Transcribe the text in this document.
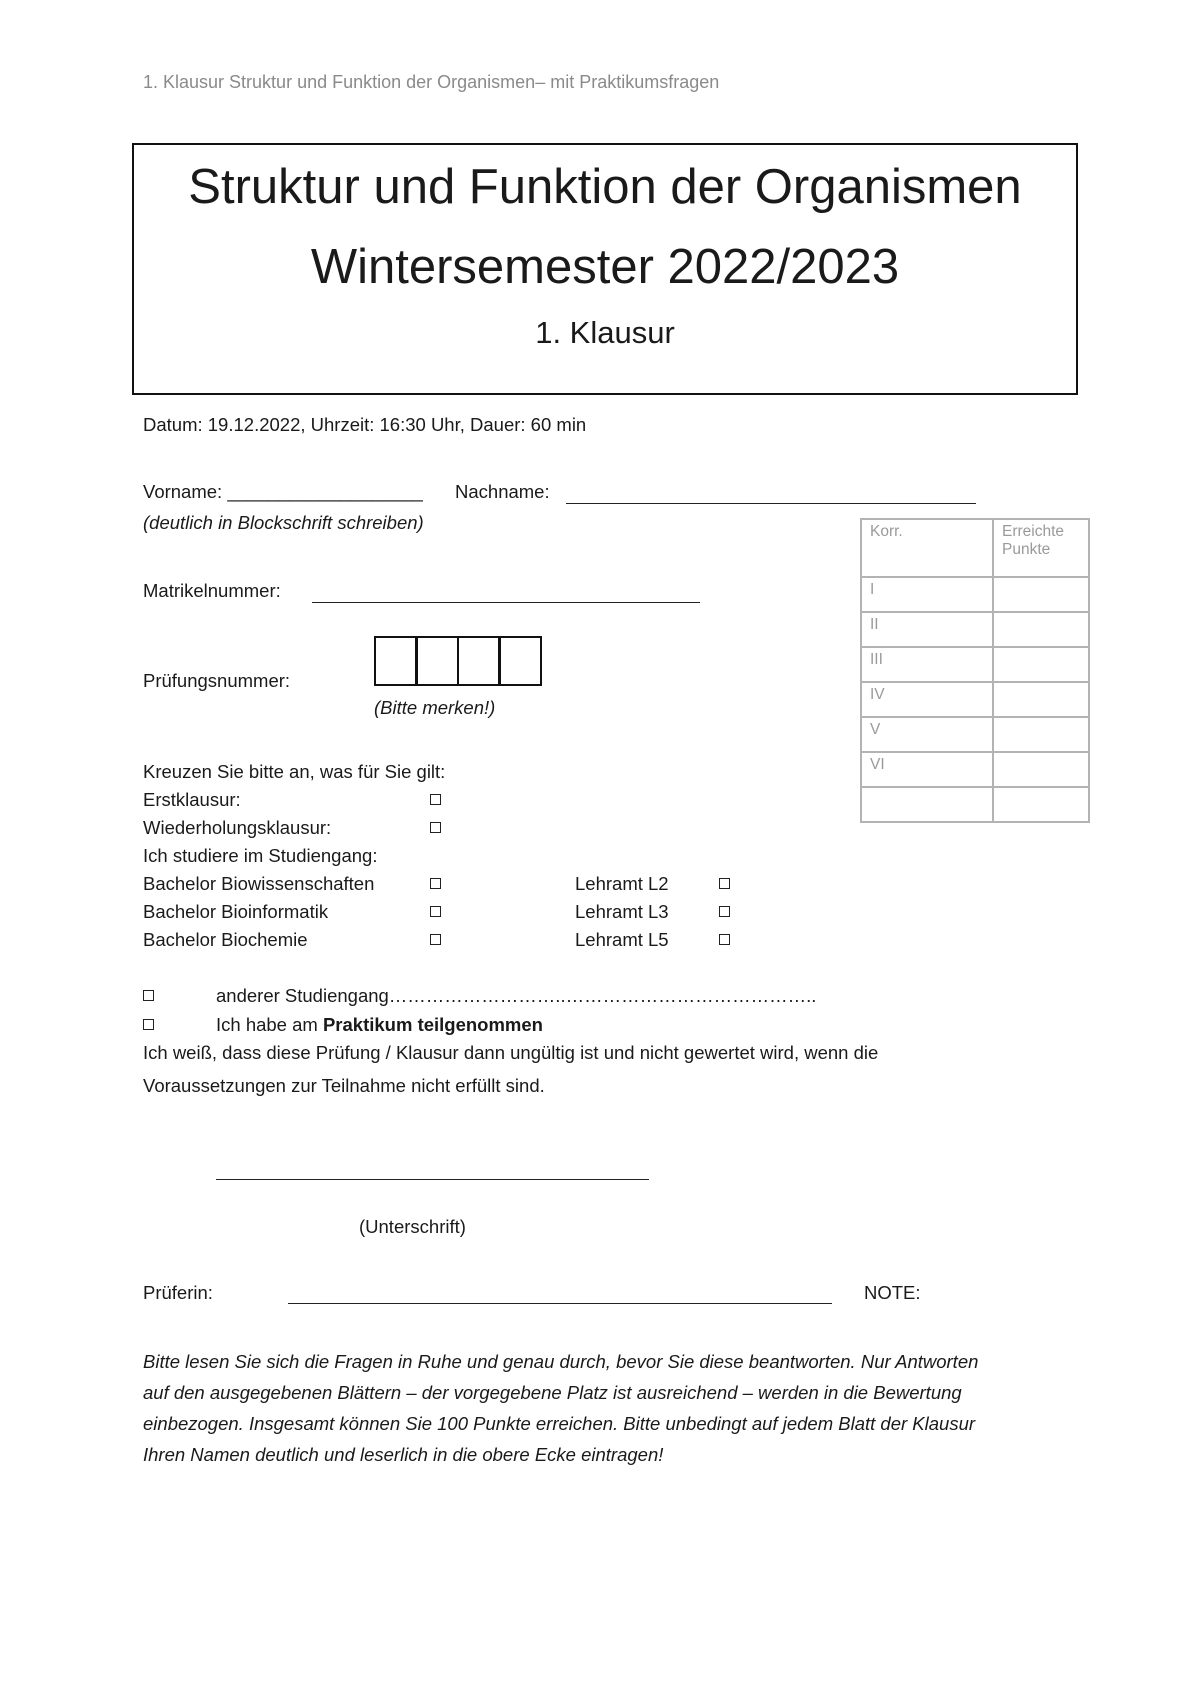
1. Klausur Struktur und Funktion der Organismen– mit Praktikumsfragen
Struktur und Funktion der Organismen
Wintersemester 2022/2023
1. Klausur
Datum: 19.12.2022, Uhrzeit: 16:30 Uhr, Dauer: 60 min
Vorname: ___________________ Nachname:
(deutlich in Blockschrift schreiben)
Matrikelnummer:
Prüfungsnummer:
(Bitte merken!)
Korr.	Erreichte Punkte
I	
II	
III	
IV	
V	
VI	

Kreuzen Sie bitte an, was für Sie gilt:
Erstklausur:
Wiederholungsklausur:
Ich studiere im Studiengang:
Bachelor Biowissenschaften	Lehramt L2
Bachelor Bioinformatik	Lehramt L3
Bachelor Biochemie	Lehramt L5
anderer Studiengang………………………..…………………………………..
Ich habe am Praktikum teilgenommen
Ich weiß, dass diese Prüfung / Klausur dann ungültig ist und nicht gewertet wird, wenn die
Voraussetzungen zur Teilnahme nicht erfüllt sind.
(Unterschrift)
Prüferin:	NOTE:
Bitte lesen Sie sich die Fragen in Ruhe und genau durch, bevor Sie diese beantworten. Nur Antworten
auf den ausgegebenen Blättern – der vorgegebene Platz ist ausreichend – werden in die Bewertung
einbezogen. Insgesamt können Sie 100 Punkte erreichen. Bitte unbedingt auf jedem Blatt der Klausur
Ihren Namen deutlich und leserlich in die obere Ecke eintragen!
